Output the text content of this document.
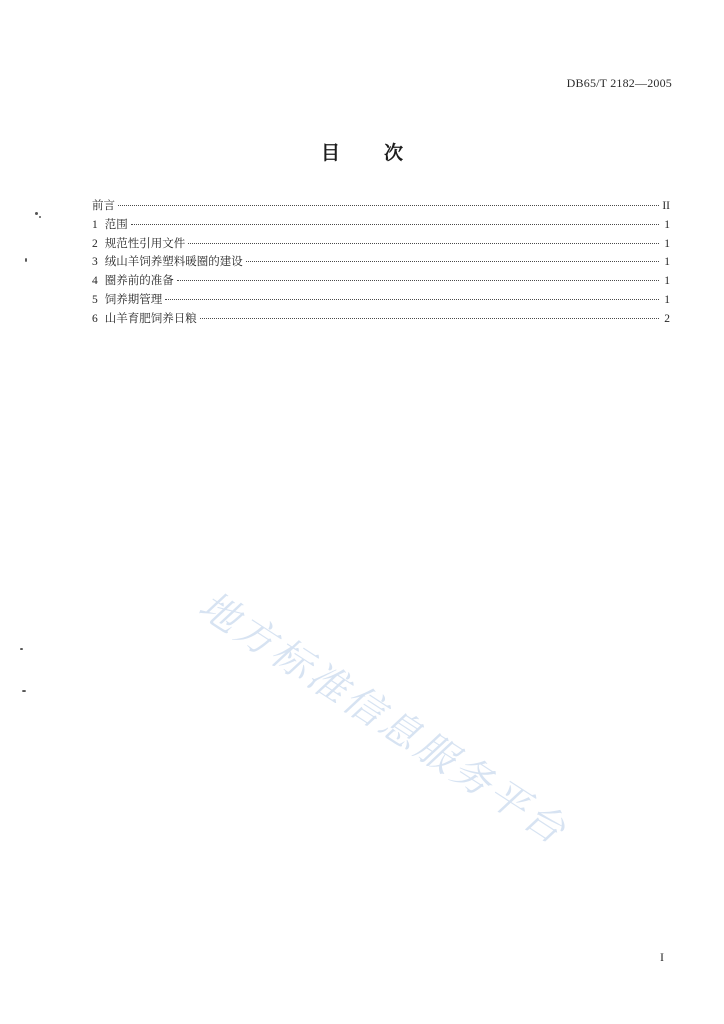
DB65/T 2182—2005
目 次
前言	II
1 范围	1
2 规范性引用文件	1
3 绒山羊饲养塑料暖圈的建设	1
4 圈养前的准备	1
5 饲养期管理	1
6 山羊育肥饲养日粮	2
地方标准信息服务平台
I
